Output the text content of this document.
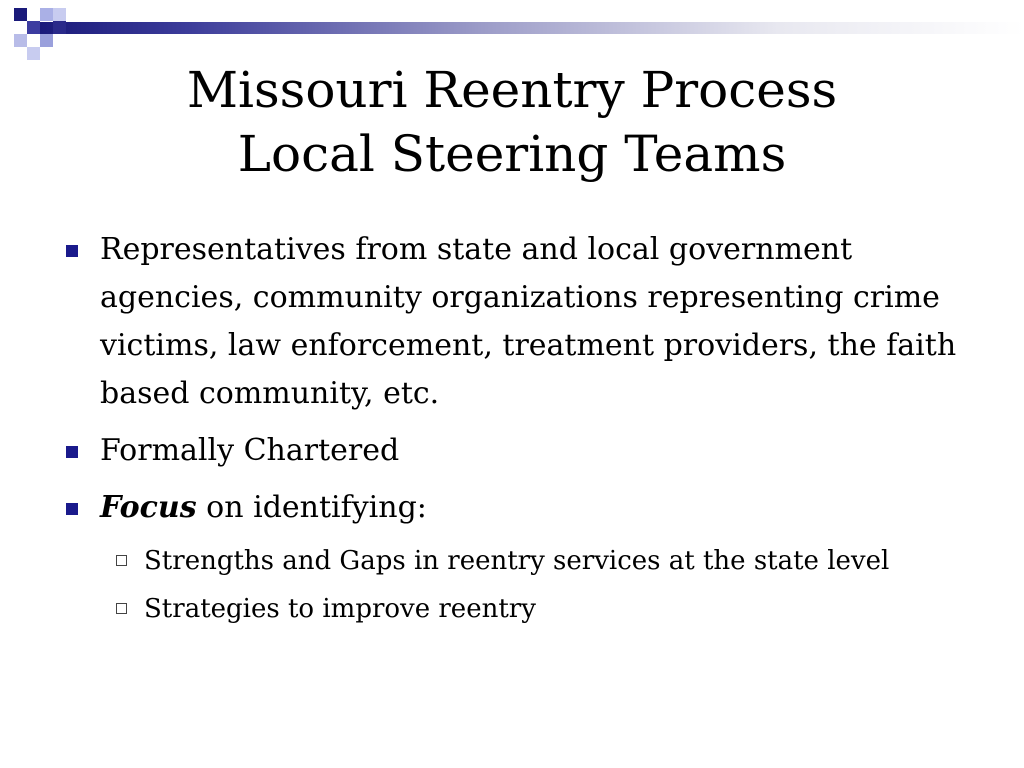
Missouri Reentry Process
Local Steering Teams
Representatives from state and local government agencies, community organizations representing crime victims, law enforcement, treatment providers, the faith based community, etc.
Formally Chartered
Focus on identifying:
Strengths and Gaps in reentry services at the state level
Strategies to improve reentry
